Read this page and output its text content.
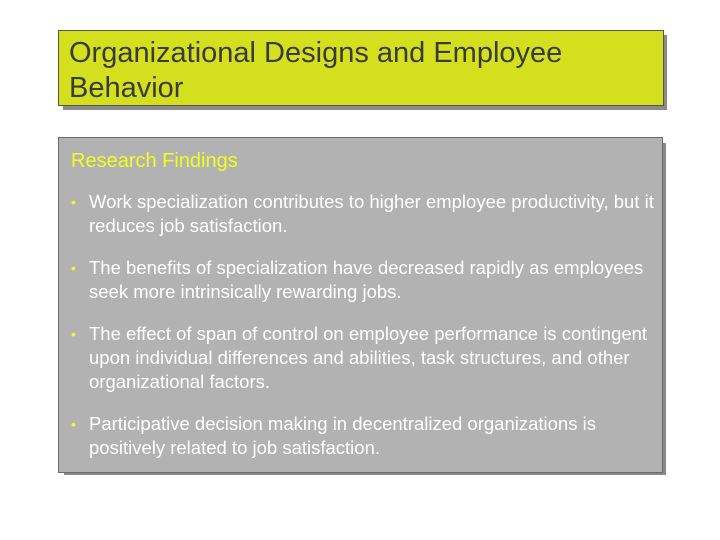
Organizational Designs and Employee
Behavior
Research Findings
• Work specialization contributes to higher employee productivity, but it reduces job satisfaction.
• The benefits of specialization have decreased rapidly as employees seek more intrinsically rewarding jobs.
• The effect of span of control on employee performance is contingent upon individual differences and abilities, task structures, and other organizational factors.
• Participative decision making in decentralized organizations is positively related to job satisfaction.
